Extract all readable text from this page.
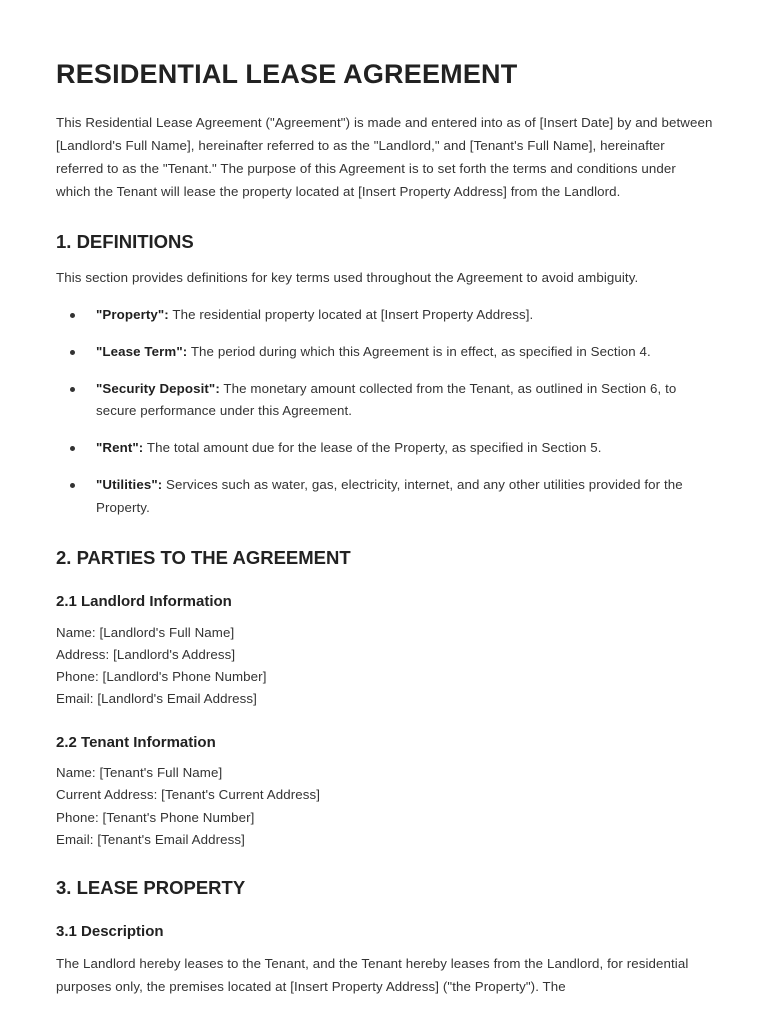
RESIDENTIAL LEASE AGREEMENT

This Residential Lease Agreement ("Agreement") is made and entered into as of [Insert Date] by and between [Landlord's Full Name], hereinafter referred to as the "Landlord," and [Tenant's Full Name], hereinafter referred to as the "Tenant." The purpose of this Agreement is to set forth the terms and conditions under which the Tenant will lease the property located at [Insert Property Address] from the Landlord.

1. DEFINITIONS

This section provides definitions for key terms used throughout the Agreement to avoid ambiguity.

"Property": The residential property located at [Insert Property Address].
"Lease Term": The period during which this Agreement is in effect, as specified in Section 4.
"Security Deposit": The monetary amount collected from the Tenant, as outlined in Section 6, to secure performance under this Agreement.
"Rent": The total amount due for the lease of the Property, as specified in Section 5.
"Utilities": Services such as water, gas, electricity, internet, and any other utilities provided for the Property.
2. PARTIES TO THE AGREEMENT
2.1 Landlord Information
Name: [Landlord's Full Name]
Address: [Landlord's Address]
Phone: [Landlord's Phone Number]
Email: [Landlord's Email Address]
2.2 Tenant Information
Name: [Tenant's Full Name]
Current Address: [Tenant's Current Address]
Phone: [Tenant's Phone Number]
Email: [Tenant's Email Address]
3. LEASE PROPERTY
3.1 Description

The Landlord hereby leases to the Tenant, and the Tenant hereby leases from the Landlord, for residential purposes only, the premises located at [Insert Property Address] ("the Property"). The
